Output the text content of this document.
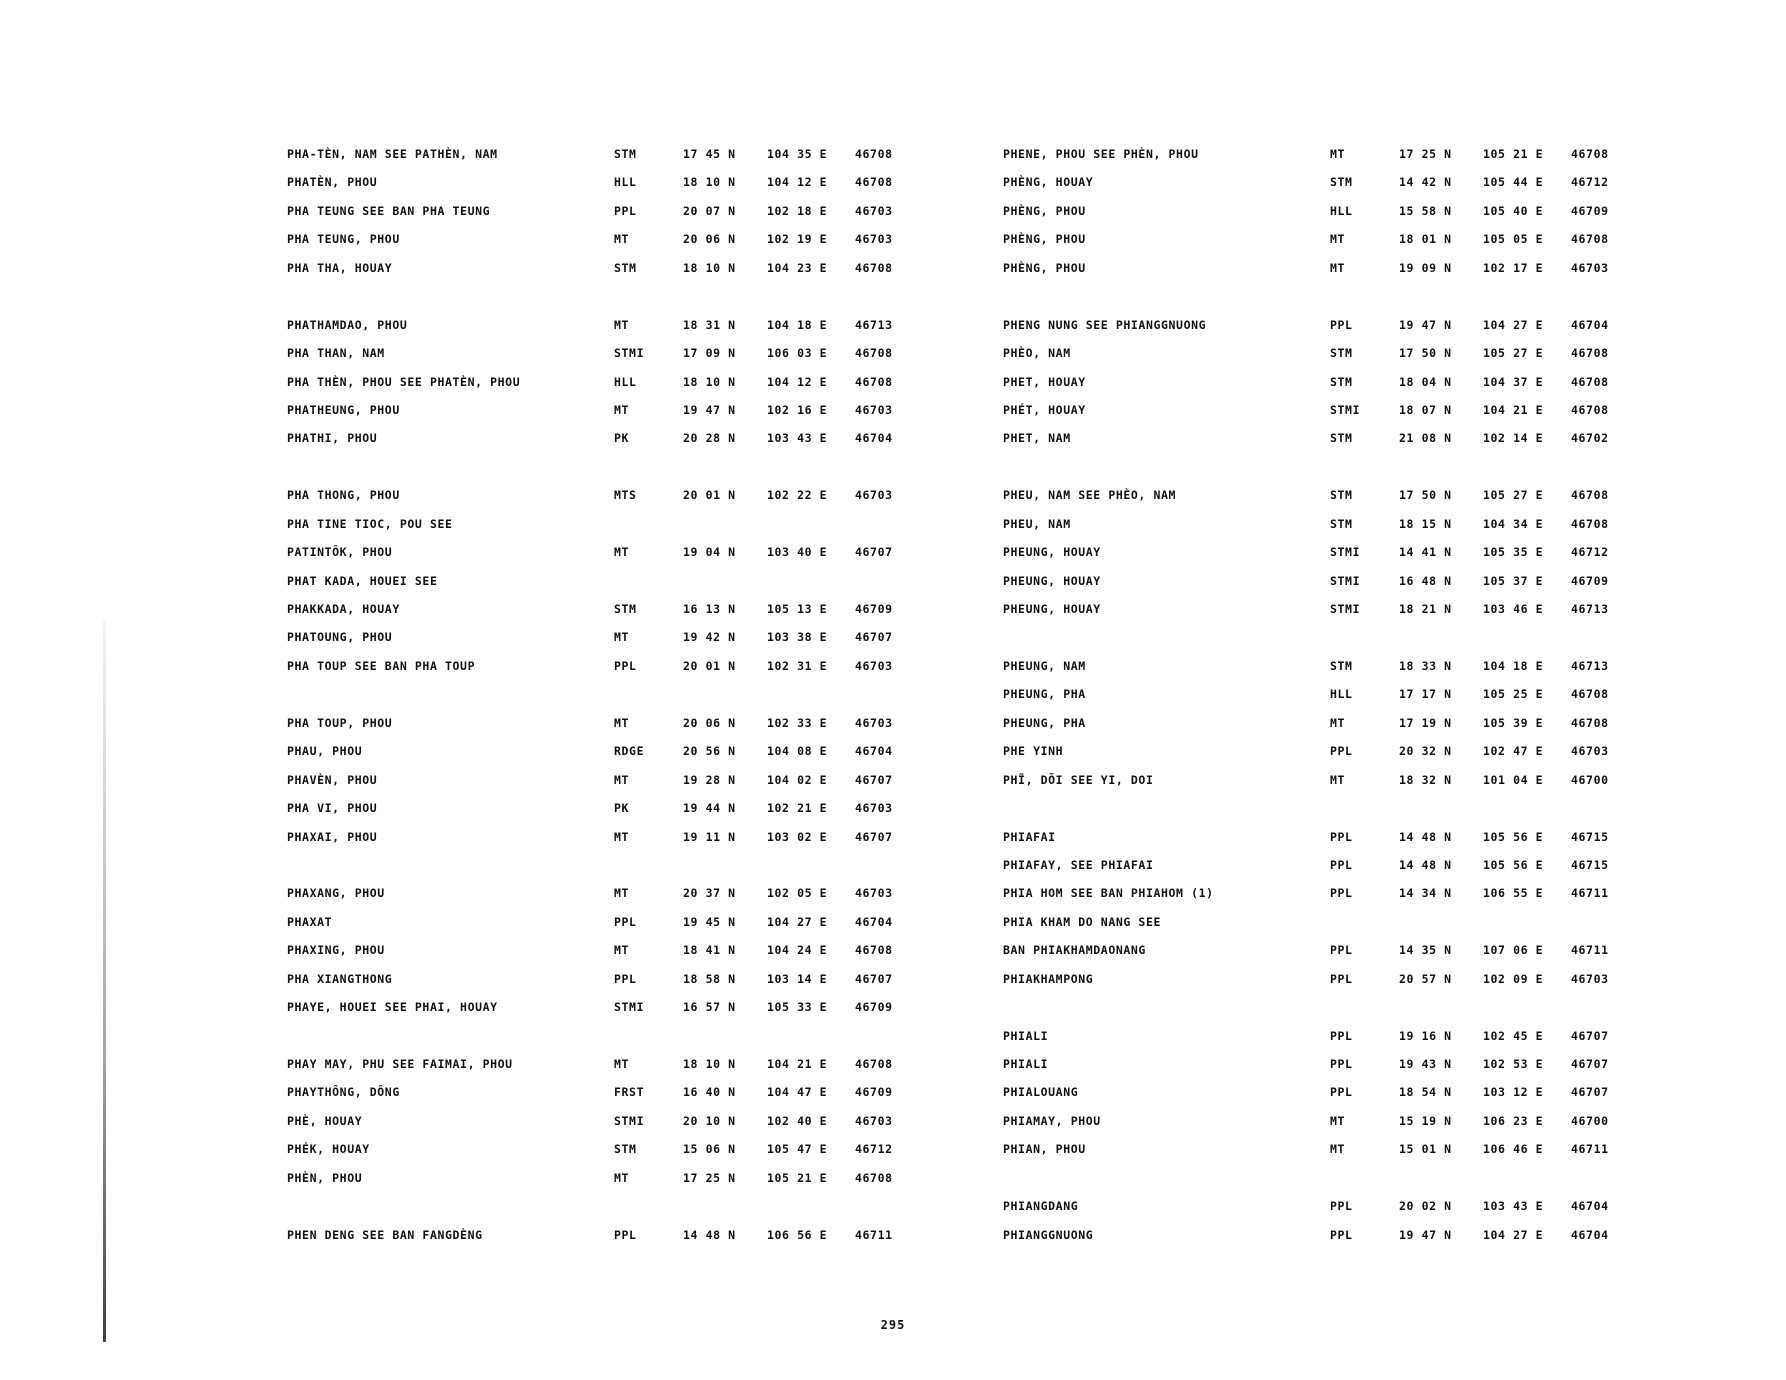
PHA-TÈN, NAM SEE PATHÈN, NAM	STM	17 45 N	104 35 E 46708
PHATÈN, PHOU	HLL	18 10 N	104 12 E 46708
PHA TEUNG SEE BAN PHA TEUNG	PPL	20 07 N	102 18 E 46703
PHA TEUNG, PHOU	MT	20 06 N	102 19 E 46703
PHA THA, HOUAY	STM	18 10 N	104 23 E 46708
PHATHAMDAO, PHOU	MT	18 31 N	104 18 E 46713
PHA THAN, NAM	STMI	17 09 N	106 03 E 46708
PHA THÈN, PHOU SEE PHATÈN, PHOU	HLL	18 10 N	104 12 E 46708
PHATHEUNG, PHOU	MT	19 47 N	102 16 E 46703
PHATHI, PHOU	PK	20 28 N	103 43 E 46704
PHA THONG, PHOU	MTS	20 01 N	102 22 E 46703
PHA TINE TIOC, POU SEE
PATINTÔK, PHOU	MT	19 04 N	103 40 E 46707
PHAT KADA, HOUEI SEE
PHAKKADA, HOUAY	STM	16 13 N	105 13 E 46709
PHATOUNG, PHOU	MT	19 42 N	103 38 E 46707
PHA TOUP SEE BAN PHA TOUP	PPL	20 01 N	102 31 E 46703
PHA TOUP, PHOU	MT	20 06 N	102 33 E 46703
PHAU, PHOU	RDGE	20 56 N	104 08 E 46704
PHAVÈN, PHOU	MT	19 28 N	104 02 E 46707
PHA VI, PHOU	PK	19 44 N	102 21 E 46703
PHAXAI, PHOU	MT	19 11 N	103 02 E 46707
PHAXANG, PHOU	MT	20 37 N	102 05 E 46703
PHAXAT	PPL	19 45 N	104 27 E 46704
PHAXING, PHOU	MT	18 41 N	104 24 E 46708
PHA XIANGTHONG	PPL	18 58 N	103 14 E 46707
PHAYE, HOUEI SEE PHAI, HOUAY	STMI	16 57 N	105 33 E 46709
PHAY MAY, PHU SEE FAIMAI, PHOU	MT	18 10 N	104 21 E 46708
PHAYTHÔNG, DÔNG	FRST	16 40 N	104 47 E 46709
PHÈ, HOUAY	STMI	20 10 N	102 40 E 46703
PHÉK, HOUAY	STM	15 06 N	105 47 E 46712
PHÈN, PHOU	MT	17 25 N	105 21 E 46708
PHEN DENG SEE BAN FANGDÈNG	PPL	14 48 N	106 56 E 46711
PHENE, PHOU SEE PHÈN, PHOU	MT	17 25 N	105 21 E 46708
PHÈNG, HOUAY	STM	14 42 N	105 44 E 46712
PHÈNG, PHOU	HLL	15 58 N	105 40 E 46709
PHÈNG, PHOU	MT	18 01 N	105 05 E 46708
PHÈNG, PHOU	MT	19 09 N	102 17 E 46703
PHENG NUNG SEE PHIANGGNUONG	PPL	19 47 N	104 27 E 46704
PHÈO, NAM	STM	17 50 N	105 27 E 46708
PHET, HOUAY	STM	18 04 N	104 37 E 46708
PHÉT, HOUAY	STMI	18 07 N	104 21 E 46708
PHET, NAM	STM	21 08 N	102 14 E 46702
PHEU, NAM SEE PHÈO, NAM	STM	17 50 N	105 27 E 46708
PHEU, NAM	STM	18 15 N	104 34 E 46708
PHEUNG, HOUAY	STMI	14 41 N	105 35 E 46712
PHEUNG, HOUAY	STMI	16 48 N	105 37 E 46709
PHEUNG, HOUAY	STMI	18 21 N	103 46 E 46713
PHEUNG, NAM	STM	18 33 N	104 18 E 46713
PHEUNG, PHA	HLL	17 17 N	105 25 E 46708
PHEUNG, PHA	MT	17 19 N	105 39 E 46708
PHE YINH	PPL	20 32 N	102 47 E 46703
PHĨ, DÕI SEE YI, DOI	MT	18 32 N	101 04 E 46700
PHIAFAI	PPL	14 48 N	105 56 E 46715
PHIAFAY, SEE PHIAFAI	PPL	14 48 N	105 56 E 46715
PHIA HOM SEE BAN PHIAHOM (1)	PPL	14 34 N	106 55 E 46711
PHIA KHAM DO NANG SEE
BAN PHIAKHAMDAONANG	PPL	14 35 N	107 06 E 46711
PHIAKHAMPONG	PPL	20 57 N	102 09 E 46703
PHIALI	PPL	19 16 N	102 45 E 46707
PHIALI	PPL	19 43 N	102 53 E 46707
PHIALOUANG	PPL	18 54 N	103 12 E 46707
PHIAMAY, PHOU	MT	15 19 N	106 23 E 46700
PHIAN, PHOU	MT	15 01 N	106 46 E 46711
PHIANGDANG	PPL	20 02 N	103 43 E 46704
PHIANGGNUONG	PPL	19 47 N	104 27 E 46704
295
